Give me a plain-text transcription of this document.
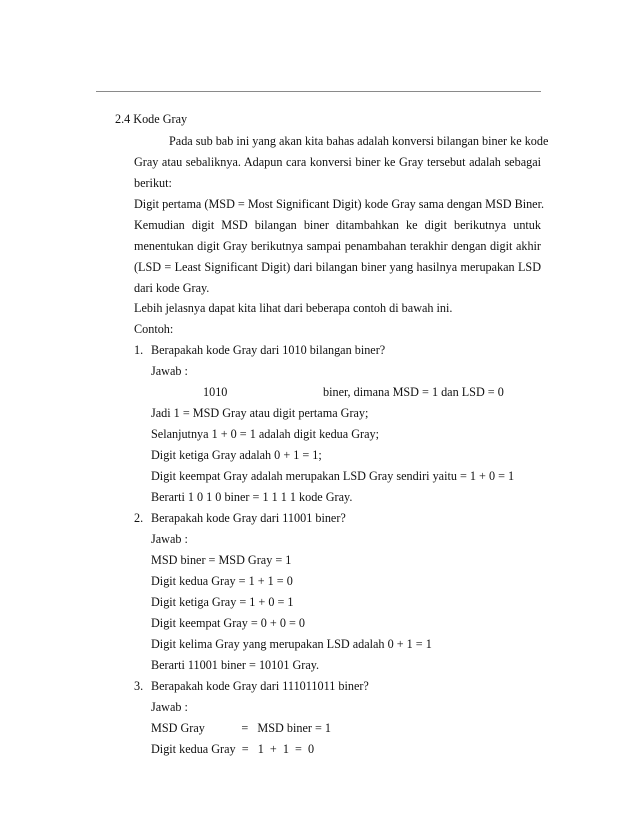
2.4 Kode Gray
Pada sub bab ini yang akan kita bahas adalah konversi bilangan biner ke kode
Gray atau sebaliknya. Adapun cara konversi biner ke Gray tersebut adalah sebagai
berikut:
Digit pertama (MSD = Most Significant Digit) kode Gray sama dengan MSD Biner.
Kemudian digit MSD bilangan biner ditambahkan ke digit berikutnya untuk
menentukan digit Gray berikutnya sampai penambahan terakhir dengan digit akhir
(LSD = Least Significant Digit) dari bilangan biner yang hasilnya merupakan LSD
dari kode Gray.
Lebih jelasnya dapat kita lihat dari beberapa contoh di bawah ini.
Contoh:
1. Berapakah kode Gray dari 1010 bilangan biner?
Jawab :
1010	biner, dimana MSD = 1 dan LSD = 0
Jadi 1 = MSD Gray atau digit pertama Gray;
Selanjutnya 1 + 0 = 1 adalah digit kedua Gray;
Digit ketiga Gray adalah 0 + 1 = 1;
Digit keempat Gray adalah merupakan LSD Gray sendiri yaitu = 1 + 0 = 1
Berarti 1 0 1 0 biner = 1 1 1 1 kode Gray.
2. Berapakah kode Gray dari 11001 biner?
Jawab :
MSD biner = MSD Gray = 1
Digit kedua Gray = 1 + 1 = 0
Digit ketiga Gray = 1 + 0 = 1
Digit keempat Gray = 0 + 0 = 0
Digit kelima Gray yang merupakan LSD adalah 0 + 1 = 1
Berarti 11001 biner = 10101 Gray.
3. Berapakah kode Gray dari 111011011 biner?
Jawab :
MSD Gray            =   MSD biner = 1
Digit kedua Gray  =   1  +  1  =  0
